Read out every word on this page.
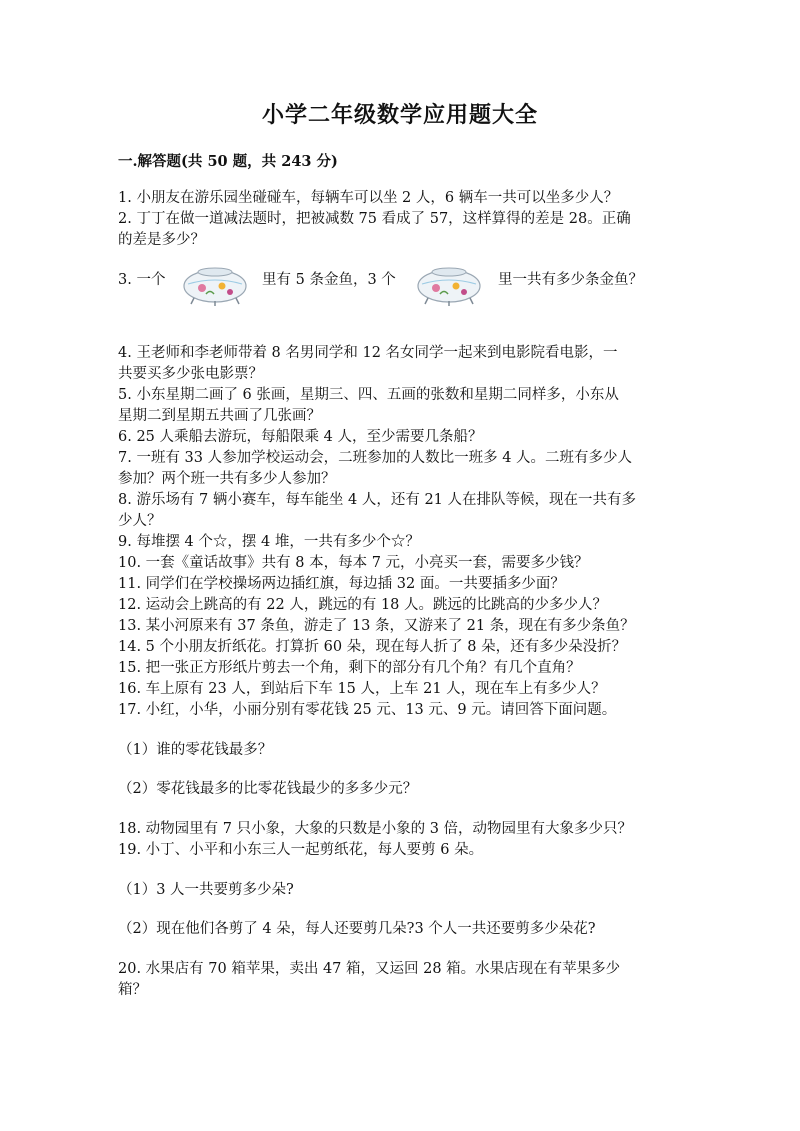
小学二年级数学应用题大全
一.解答题(共 50 题，共 243 分)
1. 小朋友在游乐园坐碰碰车，每辆车可以坐 2 人，6 辆车一共可以坐多少人？
2. 丁丁在做一道减法题时，把被减数 75 看成了 57，这样算得的差是 28。正确
的差是多少？
3. 一个	里有 5 条金鱼，3 个	里一共有多少条金鱼？
4. 王老师和李老师带着 8 名男同学和 12 名女同学一起来到电影院看电影，一
共要买多少张电影票？
5. 小东星期二画了 6 张画，星期三、四、五画的张数和星期二同样多，小东从
星期二到星期五共画了几张画？
6. 25 人乘船去游玩，每船限乘 4 人，至少需要几条船？
7. 一班有 33 人参加学校运动会，二班参加的人数比一班多 4 人。二班有多少人
参加？两个班一共有多少人参加？
8. 游乐场有 7 辆小赛车，每车能坐 4 人，还有 21 人在排队等候，现在一共有多
少人？
9. 每堆摆 4 个☆，摆 4 堆，一共有多少个☆？
10. 一套《童话故事》共有 8 本，每本 7 元，小亮买一套，需要多少钱？
11. 同学们在学校操场两边插红旗，每边插 32 面。一共要插多少面？
12. 运动会上跳高的有 22 人，跳远的有 18 人。跳远的比跳高的少多少人？
13. 某小河原来有 37 条鱼，游走了 13 条，又游来了 21 条，现在有多少条鱼？
14. 5 个小朋友折纸花。打算折 60 朵，现在每人折了 8 朵，还有多少朵没折？
15. 把一张正方形纸片剪去一个角，剩下的部分有几个角？有几个直角？
16. 车上原有 23 人，到站后下车 15 人，上车 21 人，现在车上有多少人？
17. 小红，小华，小丽分别有零花钱 25 元、13 元、9 元。请回答下面问题。
（1）谁的零花钱最多？
（2）零花钱最多的比零花钱最少的多多少元？
18. 动物园里有 7 只小象，大象的只数是小象的 3 倍，动物园里有大象多少只？
19. 小丁、小平和小东三人一起剪纸花，每人要剪 6 朵。
（1）3 人一共要剪多少朵?
（2）现在他们各剪了 4 朵，每人还要剪几朵?3 个人一共还要剪多少朵花?
20. 水果店有 70 箱苹果，卖出 47 箱，又运回 28 箱。水果店现在有苹果多少
箱？
